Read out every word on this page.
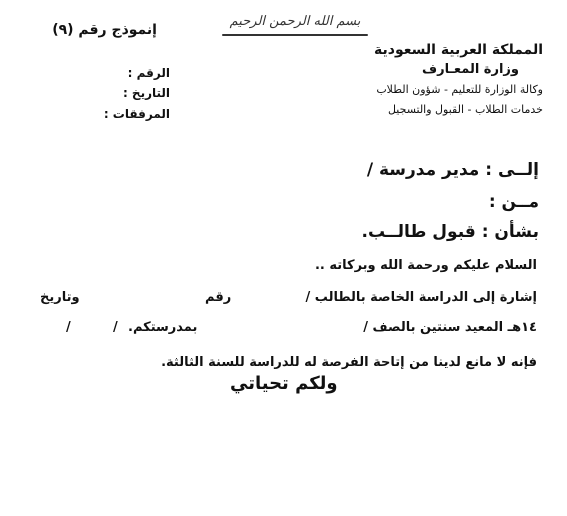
بسم الله الرحمن الرحيم
إنموذج رقم (٩)
المملكة العربية السعودية
وزارة المعـارف
وكالة الوزارة للتعليم - شؤون الطلاب
خدمات الطلاب - القبول والتسجيل
الرقم :
التاريخ :
المرفقات :
إلــى : مدير مدرسة /
مــن :
بشأن : قبول طالــب.
السلام عليكم ورحمة الله وبركاته ..
إشارة إلى الدراسة الخاصة بالطالب /
رقم
وتاريخ
١٤هـ المعيد سنتين بالصف /
/
/	بمدرستكم.
فإنه لا مانع لدينا من إتاحة الفرصة له للدراسة للسنة الثالثة.
ولكم تحياتي
